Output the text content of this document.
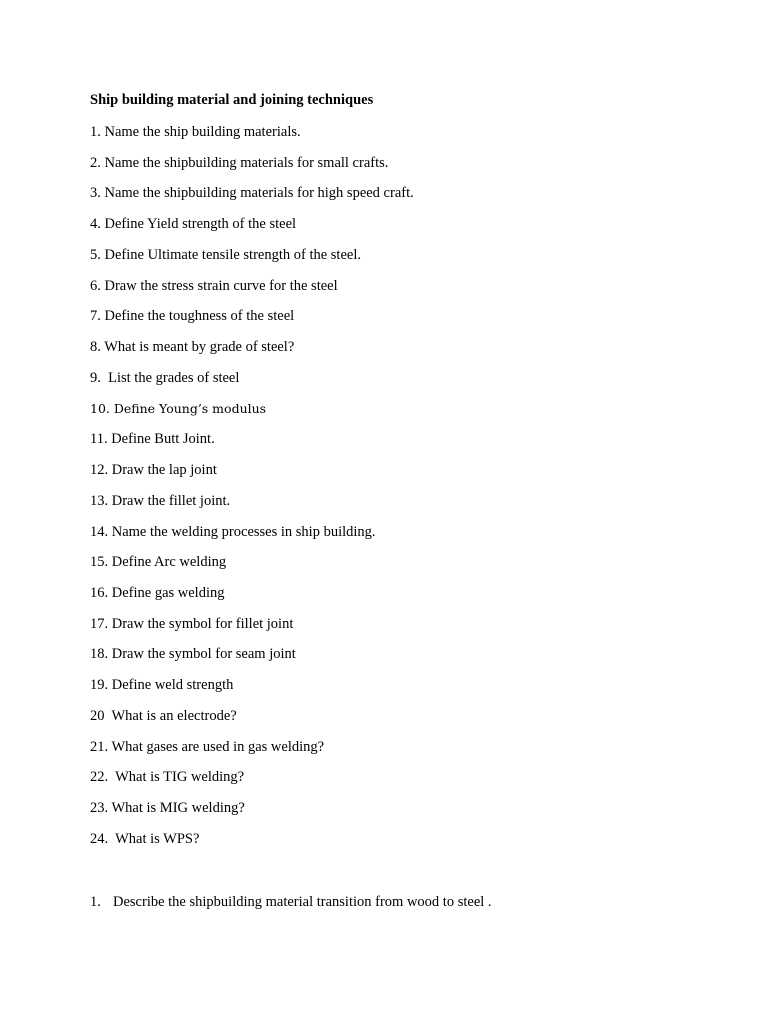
Ship building material and joining techniques
1. Name the ship building materials.
2. Name the shipbuilding materials for small crafts.
3. Name the shipbuilding materials for high speed craft.
4. Define Yield strength of the steel
5. Define Ultimate tensile strength of the steel.
6. Draw the stress strain curve for the steel
7. Define the toughness of the steel
8. What is meant by grade of steel?
9.  List the grades of steel
10. Define Young’s modulus
11. Define Butt Joint.
12. Draw the lap joint
13. Draw the fillet joint.
14. Name the welding processes in ship building.
15. Define Arc welding
16. Define gas welding
17. Draw the symbol for fillet joint
18. Draw the symbol for seam joint
19. Define weld strength
20  What is an electrode?
21. What gases are used in gas welding?
22.  What is TIG welding?
23. What is MIG welding?
24.  What is WPS?
1. Describe the shipbuilding material transition from wood to steel .
